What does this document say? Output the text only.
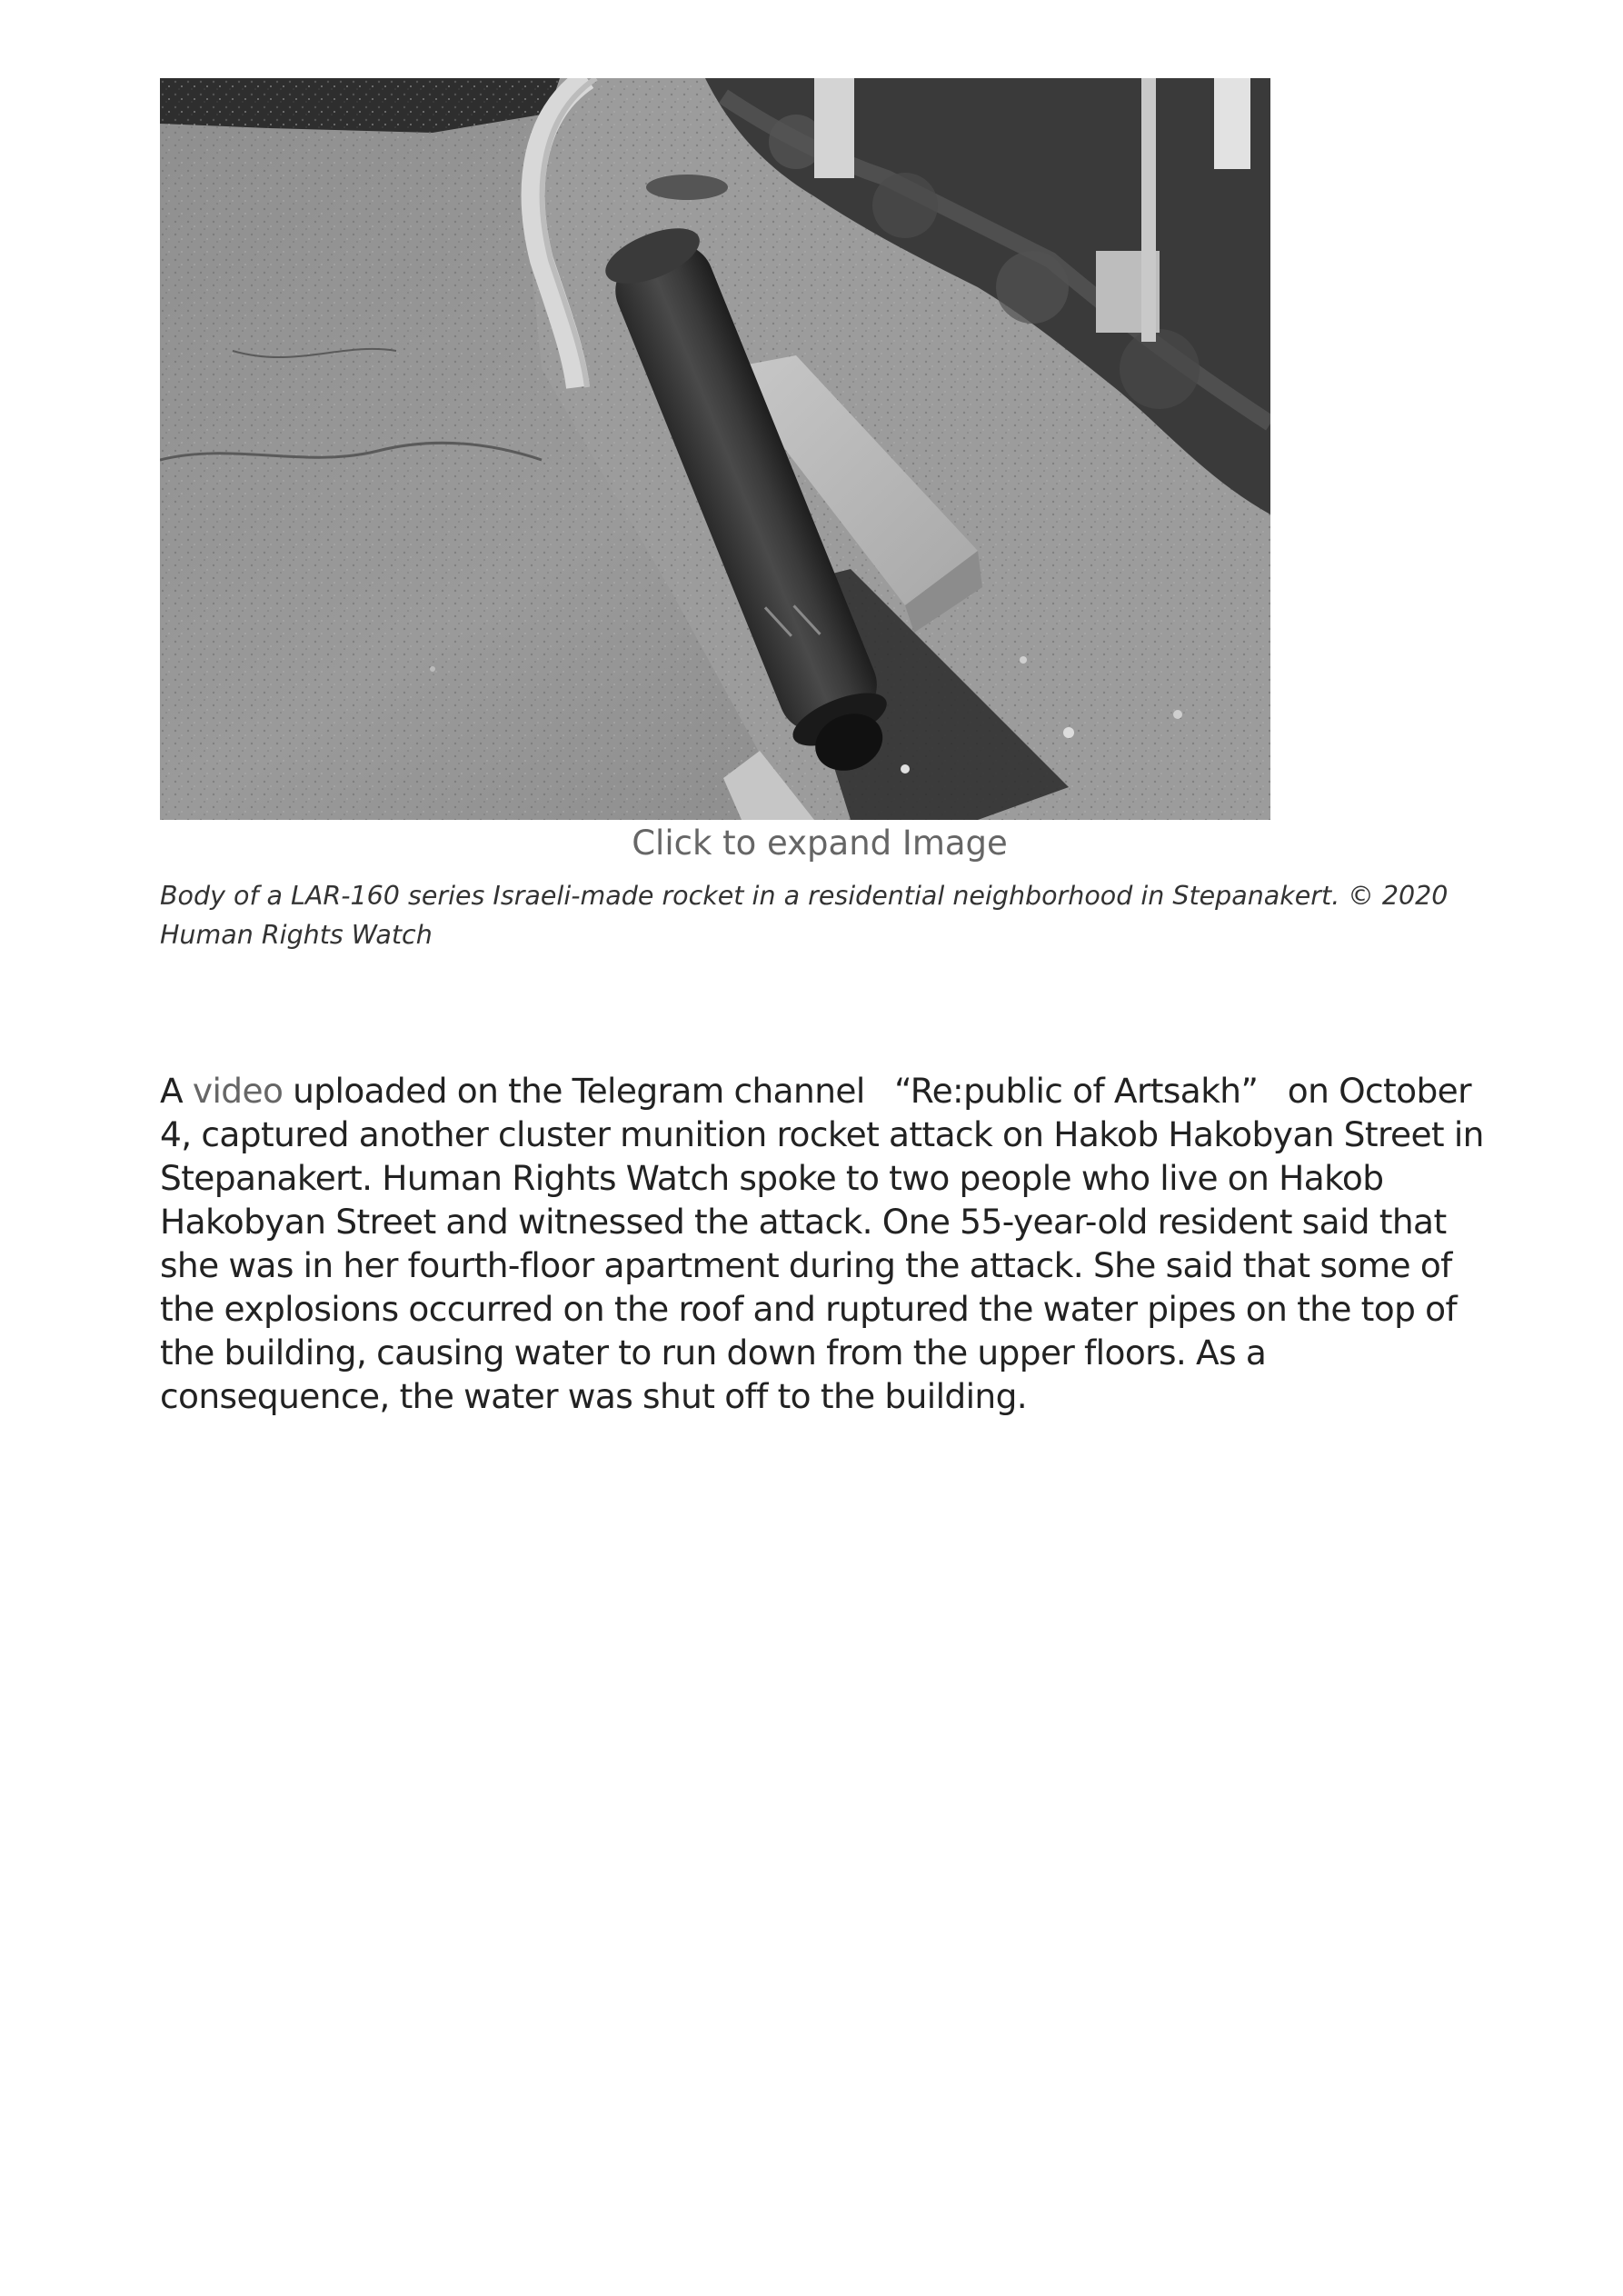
Click to expand Image
Body of a LAR-160 series Israeli-made rocket in a residential neighborhood in Stepanakert. © 2020 Human Rights Watch

A video uploaded on the Telegram channel   “Re:public of Artsakh”   on October 4, captured another cluster munition rocket attack on Hakob Hakobyan Street in Stepanakert. Human Rights Watch spoke to two people who live on Hakob Hakobyan Street and witnessed the attack. One 55-year-old resident said that she was in her fourth-floor apartment during the attack. She said that some of the explosions occurred on the roof and ruptured the water pipes on the top of the building, causing water to run down from the upper floors. As a consequence, the water was shut off to the building.
